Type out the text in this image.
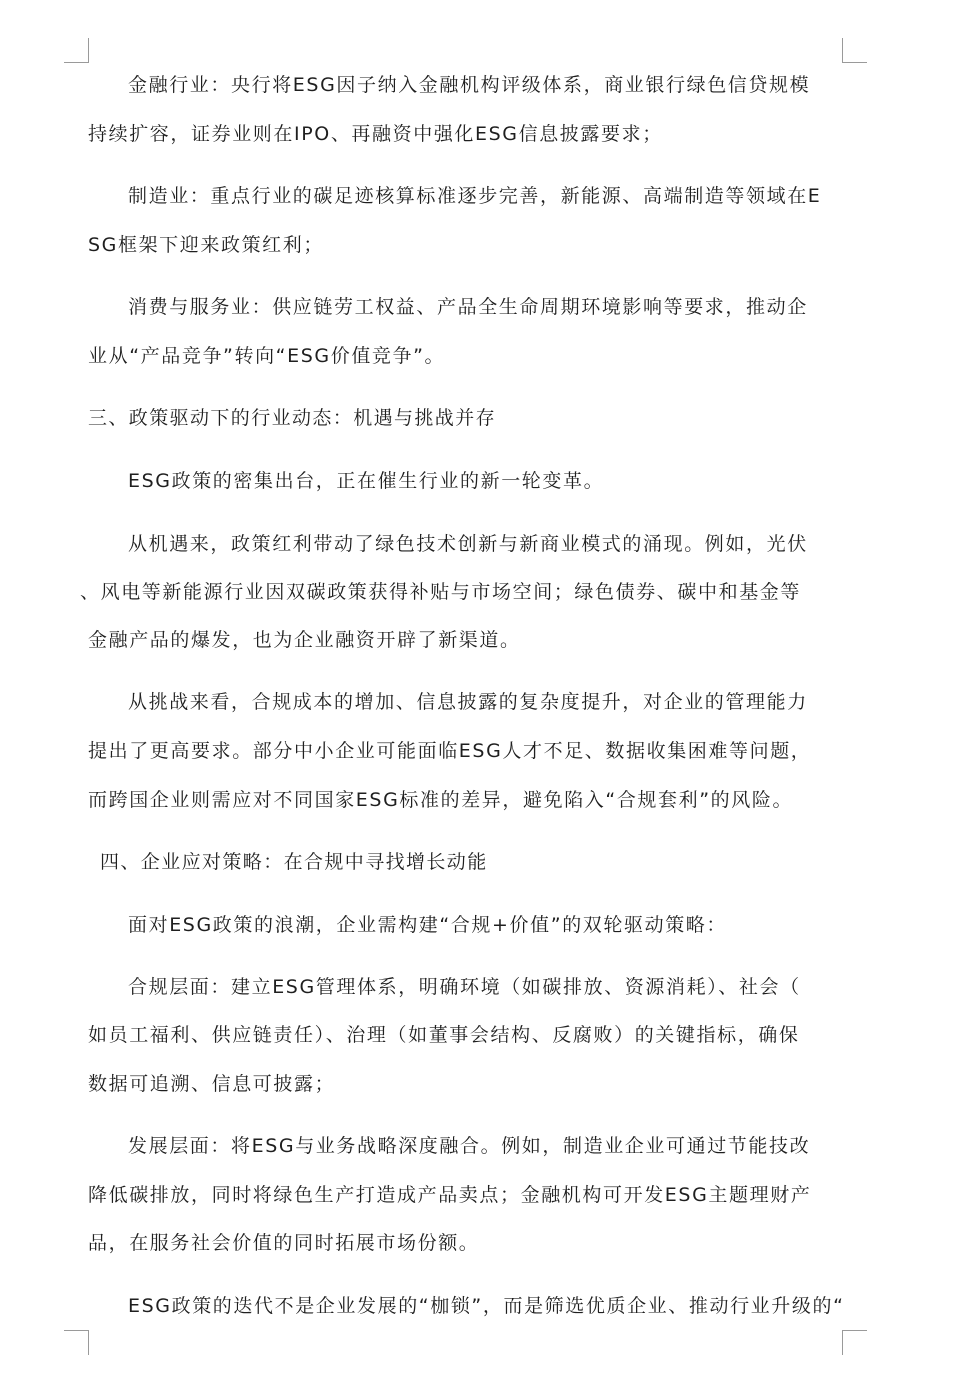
金融行业：央行将ESG因子纳入金融机构评级体系，商业银行绿色信贷规模
持续扩容，证券业则在IPO、再融资中强化ESG信息披露要求；
制造业：重点行业的碳足迹核算标准逐步完善，新能源、高端制造等领域在E
SG框架下迎来政策红利；
消费与服务业：供应链劳工权益、产品全生命周期环境影响等要求，推动企
业从“产品竞争”转向“ESG价值竞争”。
三、政策驱动下的行业动态：机遇与挑战并存
ESG政策的密集出台，正在催生行业的新一轮变革。
从机遇来，政策红利带动了绿色技术创新与新商业模式的涌现。例如，光伏
、风电等新能源行业因双碳政策获得补贴与市场空间；绿色债券、碳中和基金等
金融产品的爆发，也为企业融资开辟了新渠道。
从挑战来看，合规成本的增加、信息披露的复杂度提升，对企业的管理能力
提出了更高要求。部分中小企业可能面临ESG人才不足、数据收集困难等问题，
而跨国企业则需应对不同国家ESG标准的差异，避免陷入“合规套利”的风险。
四、企业应对策略：在合规中寻找增长动能
面对ESG政策的浪潮，企业需构建“合规+价值”的双轮驱动策略：
合规层面：建立ESG管理体系，明确环境（如碳排放、资源消耗）、社会（
如员工福利、供应链责任）、治理（如董事会结构、反腐败）的关键指标，确保
数据可追溯、信息可披露；
发展层面：将ESG与业务战略深度融合。例如，制造业企业可通过节能技改
降低碳排放，同时将绿色生产打造成产品卖点；金融机构可开发ESG主题理财产
品，在服务社会价值的同时拓展市场份额。
ESG政策的迭代不是企业发展的“枷锁”，而是筛选优质企业、推动行业升级的“
